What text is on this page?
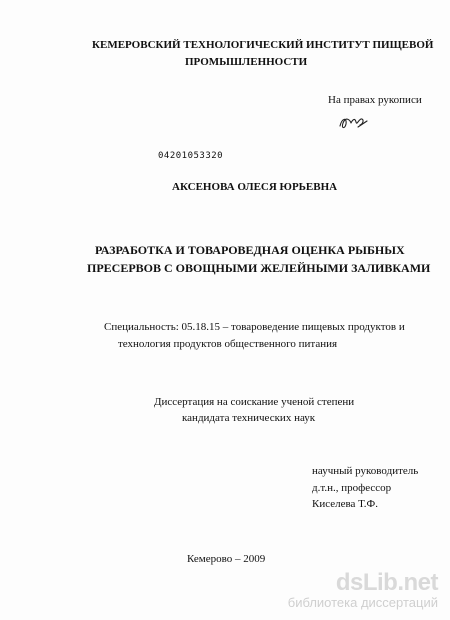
КЕМЕРОВСКИЙ ТЕХНОЛОГИЧЕСКИЙ ИНСТИТУТ ПИЩЕВОЙ
ПРОМЫШЛЕННОСТИ
На правах рукописи
04201053320
АКСЕНОВА ОЛЕСЯ ЮРЬЕВНА
РАЗРАБОТКА И ТОВАРОВЕДНАЯ ОЦЕНКА РЫБНЫХ
ПРЕСЕРВОВ С ОВОЩНЫМИ ЖЕЛЕЙНЫМИ ЗАЛИВКАМИ
Специальность: 05.18.15 – товароведение пищевых продуктов и
технология продуктов общественного питания
Диссертация на соискание ученой степени
кандидата технических наук
научный руководитель
д.т.н., профессор
Киселева Т.Ф.
Кемерово – 2009
dsLib.net
библиотека диссертаций
